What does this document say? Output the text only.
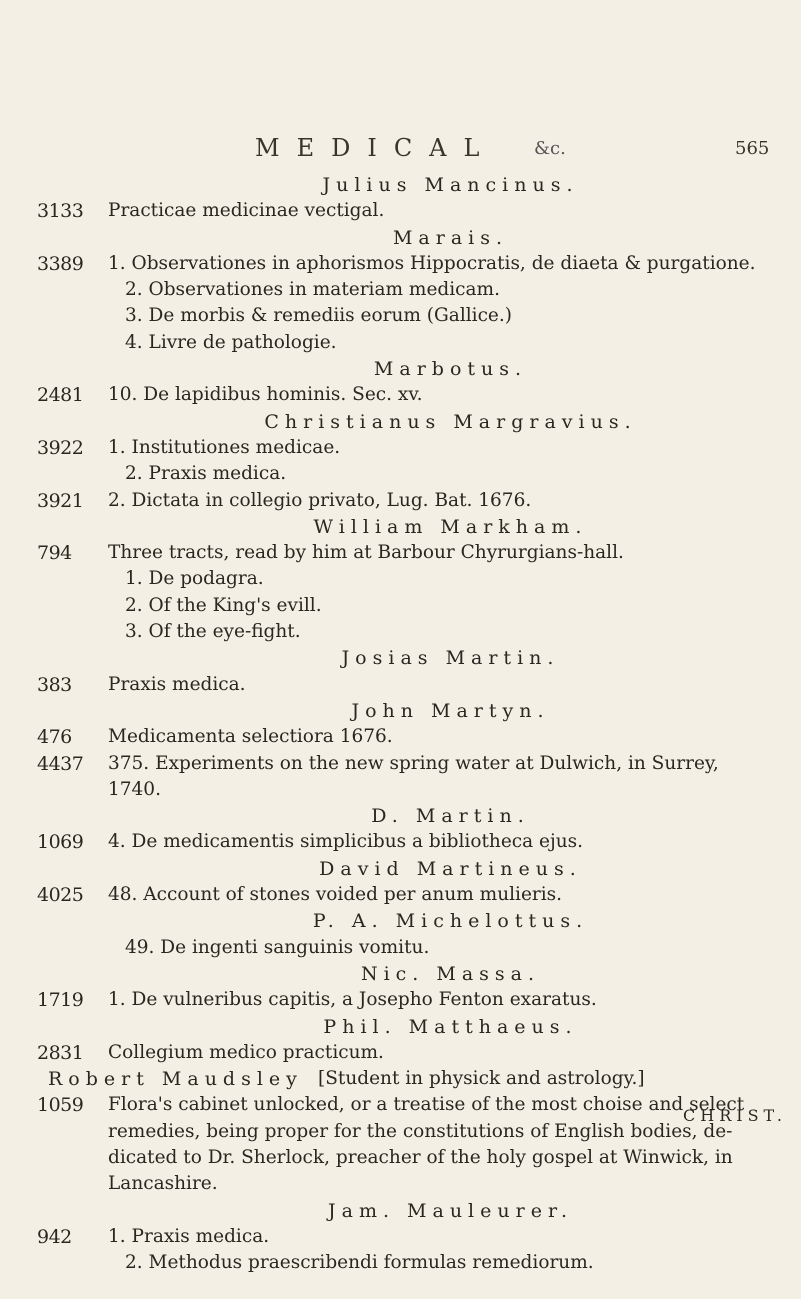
MEDICAL &c.	565
Julius Mancinus.
3133	Practicae medicinae vectigal.
Marais.
3389	1. Observationes in aphorismos Hippocratis, de diaeta & purgatione.
2. Observationes in materiam medicam.
3. De morbis & remediis eorum (Gallice.)
4. Livre de pathologie.
Marbotus.
2481	10. De lapidibus hominis. Sec. xv.
Christianus Margravius.
3922	1. Institutiones medicae.
2. Praxis medica.
3921	2. Dictata in collegio privato, Lug. Bat. 1676.
William Markham.
794	Three tracts, read by him at Barbour Chyrurgians-hall.
1. De podagra.
2. Of the King's evill.
3. Of the eye-fight.
Josias Martin.
383	Praxis medica.
John Martyn.
476	Medicamenta selectiora 1676.
4437	375. Experiments on the new spring water at Dulwich, in Surrey,
1740.
D. Martin.
1069	4. De medicamentis simplicibus a bibliotheca ejus.
David Martineus.
4025	48. Account of stones voided per anum mulieris.
P. A. Michelottus.
49. De ingenti sanguinis vomitu.
Nic. Massa.
1719	1. De vulneribus capitis, a Josepho Fenton exaratus.
Phil. Matthaeus.
2831	Collegium medico practicum.
Robert Maudsley [Student in physick and astrology.]
1059	Flora's cabinet unlocked, or a treatise of the most choise and select
remedies, being proper for the constitutions of English bodies, de-
dicated to Dr. Sherlock, preacher of the holy gospel at Winwick, in
Lancashire.
Jam. Mauleurer.
942	1. Praxis medica.
2. Methodus praescribendi formulas remediorum.
CHRIST.
